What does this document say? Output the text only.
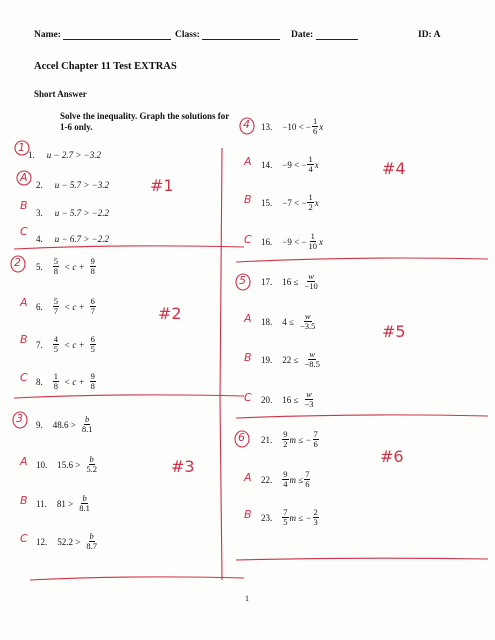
Name:	Class:	Date:	ID: A
Accel Chapter 11 Test EXTRAS
Short Answer
Solve the inequality. Graph the solutions for 1-6 only.
1. u − 2.7 > −3.2
2. u − 5.7 > −3.2
3. u − 5.7 > −2.2
4. u − 6.7 > −2.2
5. $\frac{5}{8} < c + \frac{9}{8}$
6. $\frac{5}{7} < c + \frac{6}{7}$
7. $\frac{4}{5} < c + \frac{6}{5}$
8. $\frac{1}{8} < c + \frac{9}{8}$
9. $48.6 > \frac{b}{8.1}$
10. $15.6 > \frac{b}{5.2}$
11. $81 > \frac{b}{8.1}$
12. $52.2 > \frac{b}{8.7}$
13. −10 < − $\frac{1}{6}$ x
14. −9 < − $\frac{1}{4}$ x
15. −7 < − $\frac{1}{2}$ x
16. −9 < − $\frac{1}{10}$ x
17. $16 \le \frac{w}{-10}$
18. $4 \le \frac{w}{-3.5}$
19. $22 \le \frac{w}{-8.5}$
20. $16 \le \frac{w}{-3}$
21. $\frac{9}{2}$ m ≤ − $\frac{7}{6}$
22. $\frac{9}{4}$ $m \le \frac{7}{6}$
23. $\frac{7}{5}$ m ≤ − $\frac{2}{3}$
1
A
B
C
2
A
B
C
3
A
B
C
4
A
B
C
5
A
B
C
6
A
B
#1
#2
#3
#4
#5
#6
1
